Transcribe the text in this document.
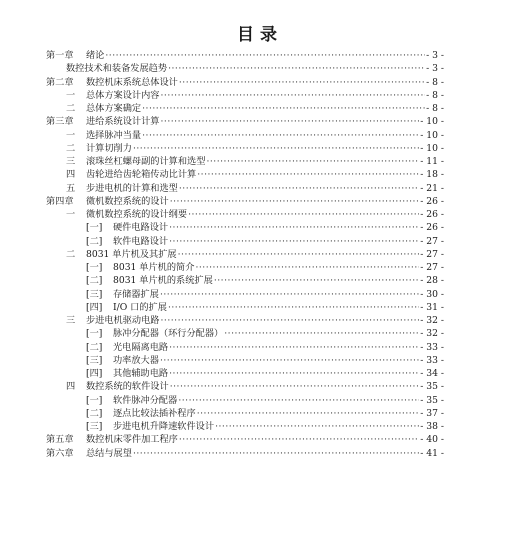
目录
第一章	绪论 ·····	- 3 -
数控技术和装备发展趋势 ·····	- 3 -
第二章	数控机床系统总体设计 ·····	- 8 -
一	总体方案设计内容 ·····	- 8 -
二	总体方案确定 ·····	- 8 -
第三章	进给系统设计计算 ·····	- 10 -
一	选择脉冲当量 ·····	- 10 -
二	计算切削力 ·····	- 10 -
三	滚珠丝杠螺母副的计算和选型 ·····	- 11 -
四	齿轮进给齿轮箱传动比计算 ·····	- 18 -
五	步进电机的计算和选型 ·····	- 21 -
第四章	微机数控系统的设计 ·····	- 26 -
一	微机数控系统的设计纲要 ·····	- 26 -
[一]	硬件电路设计 ·····	- 26 -
[二]	软件电路设计 ·····	- 27 -
二	8031 单片机及其扩展 ·····	- 27 -
[一]	8031 单片机的简介 ·····	- 27 -
[二]	8031 单片机的系统扩展 ·····	- 28 -
[三]	存储器扩展 ·····	- 30 -
[四]	I/O 口的扩展 ·····	- 31 -
三	步进电机驱动电路 ·····	- 32 -
[一]	脉冲分配器（环行分配器） ·····	- 32 -
[二]	光电隔离电路 ·····	- 33 -
[三]	功率放大器 ·····	- 33 -
[四]	其他辅助电路 ·····	- 34 -
四	数控系统的软件设计 ·····	- 35 -
[一]	软件脉冲分配器 ·····	- 35 -
[二]	逐点比较法插补程序 ·····	- 37 -
[三]	步进电机升降速软件设计 ·····	- 38 -
第五章	数控机床零件加工程序 ·····	- 40 -
第六章	总结与展望 ·····	- 41 -
